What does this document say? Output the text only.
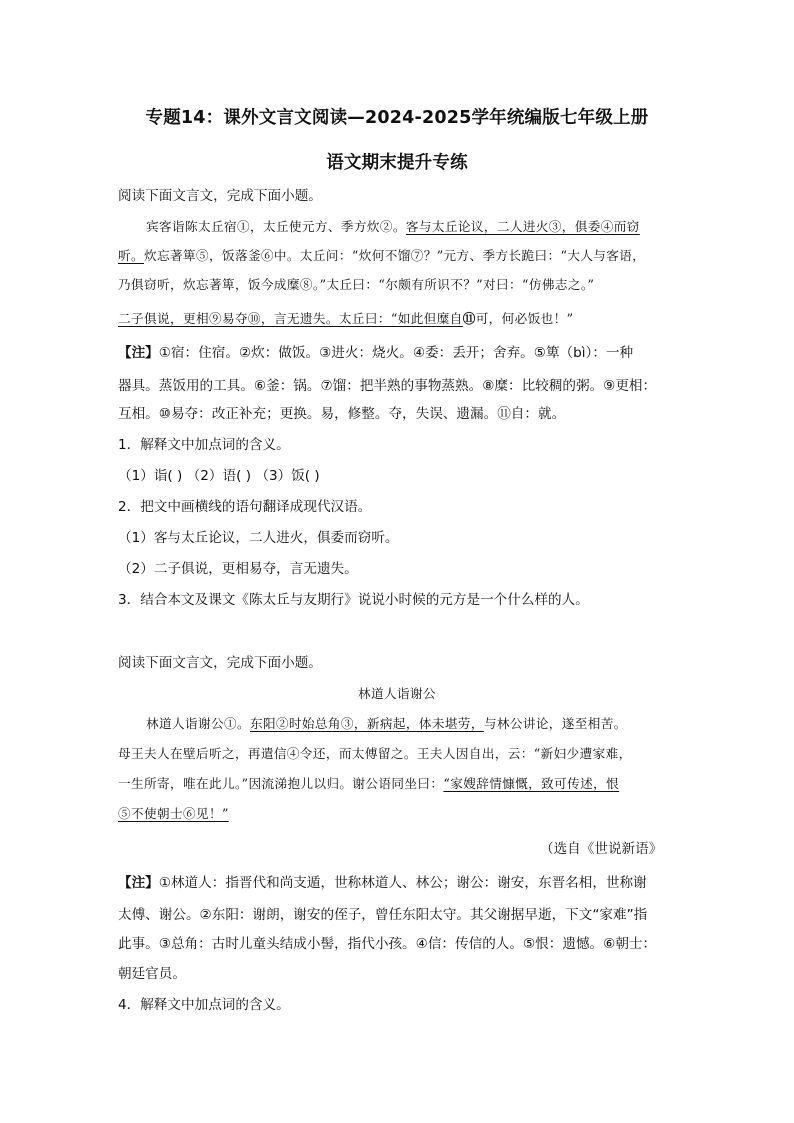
专题14：课外文言文阅读—2024-2025学年统编版七年级上册
语文期末提升专练
阅读下面文言文，完成下面小题。
宾客诣陈太丘宿①，太丘使元方、季方炊②。客与太丘论议，二人进火③，俱委④而窃
听。炊忘著箄⑤，饭落釜⑥中。太丘问：“炊何不馏⑦？”元方、季方长跪曰：“大人与客语，
乃俱窃听，炊忘著箄，饭今成糜⑧。”太丘曰：“尔颇有所识不？”对曰：“仿佛志之。”
二子俱说，更相⑨易夺⑩，言无遗失。太丘曰：“如此但糜自⑪可，何必饭也！”
【注】①宿：住宿。②炊：做饭。③进火：烧火。④委：丢开；舍弃。⑤箄（bì）：一种
器具。蒸饭用的工具。⑥釜：锅。⑦馏：把半熟的事物蒸熟。⑧糜：比较稠的粥。⑨更相：
互相。⑩易夺：改正补充；更换。易，修整。夺，失误、遗漏。⑪自：就。
1．解释文中加点词的含义。
（1）诣( ) （2）语( ) （3）饭( )
2．把文中画横线的语句翻译成现代汉语。
（1）客与太丘论议，二人进火，俱委而窃听。
（2）二子俱说，更相易夺，言无遗失。
3．结合本文及课文《陈太丘与友期行》说说小时候的元方是一个什么样的人。
阅读下面文言文，完成下面小题。
林道人诣谢公
林道人诣谢公①。东阳②时始总角③，新病起，体未堪劳，与林公讲论，遂至相苦。
母王夫人在壁后听之，再遣信④令还，而太傅留之。王夫人因自出，云：“新妇少遭家难，
一生所寄，唯在此儿。”因流涕抱儿以归。谢公语同坐曰：“家嫂辞情慷慨，致可传述，恨
⑤不使朝士⑥见！”
（选自《世说新语》
【注】①林道人：指晋代和尚支遁，世称林道人、林公；谢公：谢安，东晋名相，世称谢
太傅、谢公。②东阳：谢朗，谢安的侄子，曾任东阳太守。其父谢据早逝，下文“家难”指
此事。③总角：古时儿童头结成小髻，指代小孩。④信：传信的人。⑤恨：遗憾。⑥朝士：
朝廷官员。
4．解释文中加点词的含义。
